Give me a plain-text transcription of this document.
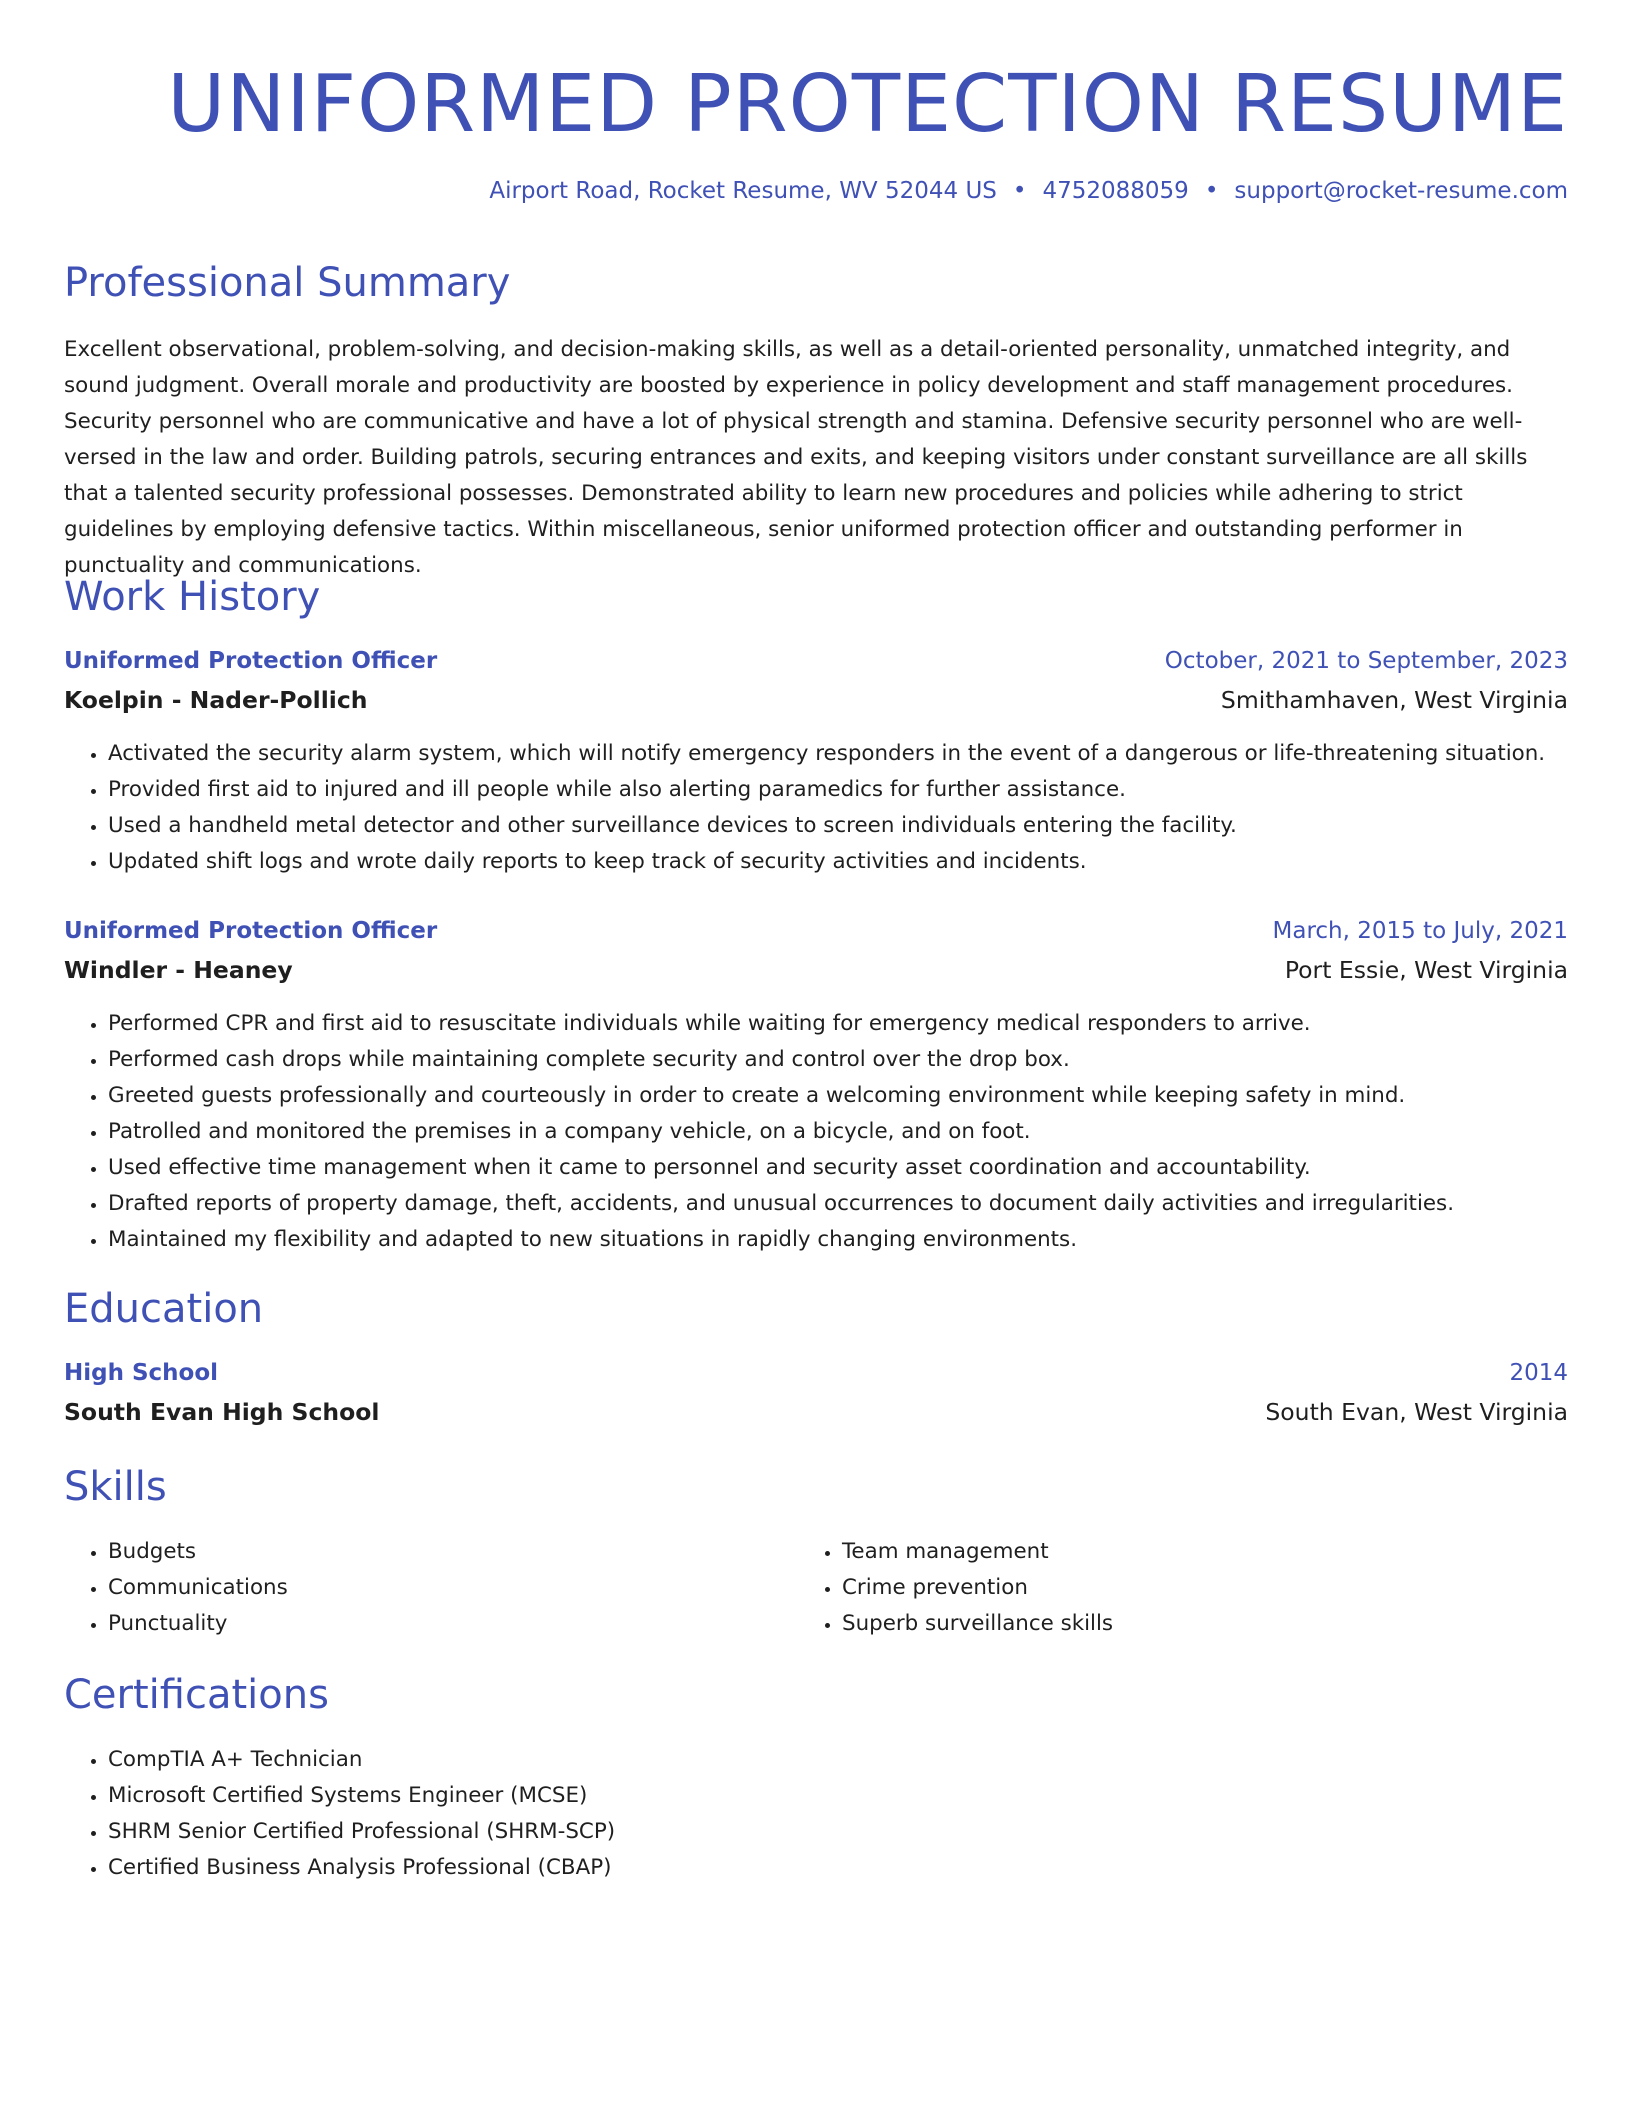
UNIFORMED PROTECTION RESUME
Airport Road, Rocket Resume, WV 52044 US • 4752088059 • support@rocket-resume.com
Professional Summary

Excellent observational, problem-solving, and decision-making skills, as well as a detail-oriented personality, unmatched integrity, and sound judgment. Overall morale and productivity are boosted by experience in policy development and staff management procedures. Security personnel who are communicative and have a lot of physical strength and stamina. Defensive security personnel who are well-versed in the law and order. Building patrols, securing entrances and exits, and keeping visitors under constant surveillance are all skills that a talented security professional possesses. Demonstrated ability to learn new procedures and policies while adhering to strict guidelines by employing defensive tactics. Within miscellaneous, senior uniformed protection officer and outstanding performer in punctuality and communications.

Work History
Uniformed Protection Officer	October, 2021 to September, 2023
Koelpin - Nader-Pollich	Smithamhaven, West Virginia
• Activated the security alarm system, which will notify emergency responders in the event of a dangerous or life-threatening situation.
• Provided first aid to injured and ill people while also alerting paramedics for further assistance.
• Used a handheld metal detector and other surveillance devices to screen individuals entering the facility.
• Updated shift logs and wrote daily reports to keep track of security activities and incidents.
Uniformed Protection Officer	March, 2015 to July, 2021
Windler - Heaney	Port Essie, West Virginia
• Performed CPR and first aid to resuscitate individuals while waiting for emergency medical responders to arrive.
• Performed cash drops while maintaining complete security and control over the drop box.
• Greeted guests professionally and courteously in order to create a welcoming environment while keeping safety in mind.
• Patrolled and monitored the premises in a company vehicle, on a bicycle, and on foot.
• Used effective time management when it came to personnel and security asset coordination and accountability.
• Drafted reports of property damage, theft, accidents, and unusual occurrences to document daily activities and irregularities.
• Maintained my flexibility and adapted to new situations in rapidly changing environments.
Education
High School	2014
South Evan High School	South Evan, West Virginia
Skills
• Budgets
• Communications
• Punctuality
• Team management
• Crime prevention
• Superb surveillance skills
Certifications
• CompTIA A+ Technician
• Microsoft Certified Systems Engineer (MCSE)
• SHRM Senior Certified Professional (SHRM-SCP)
• Certified Business Analysis Professional (CBAP)
